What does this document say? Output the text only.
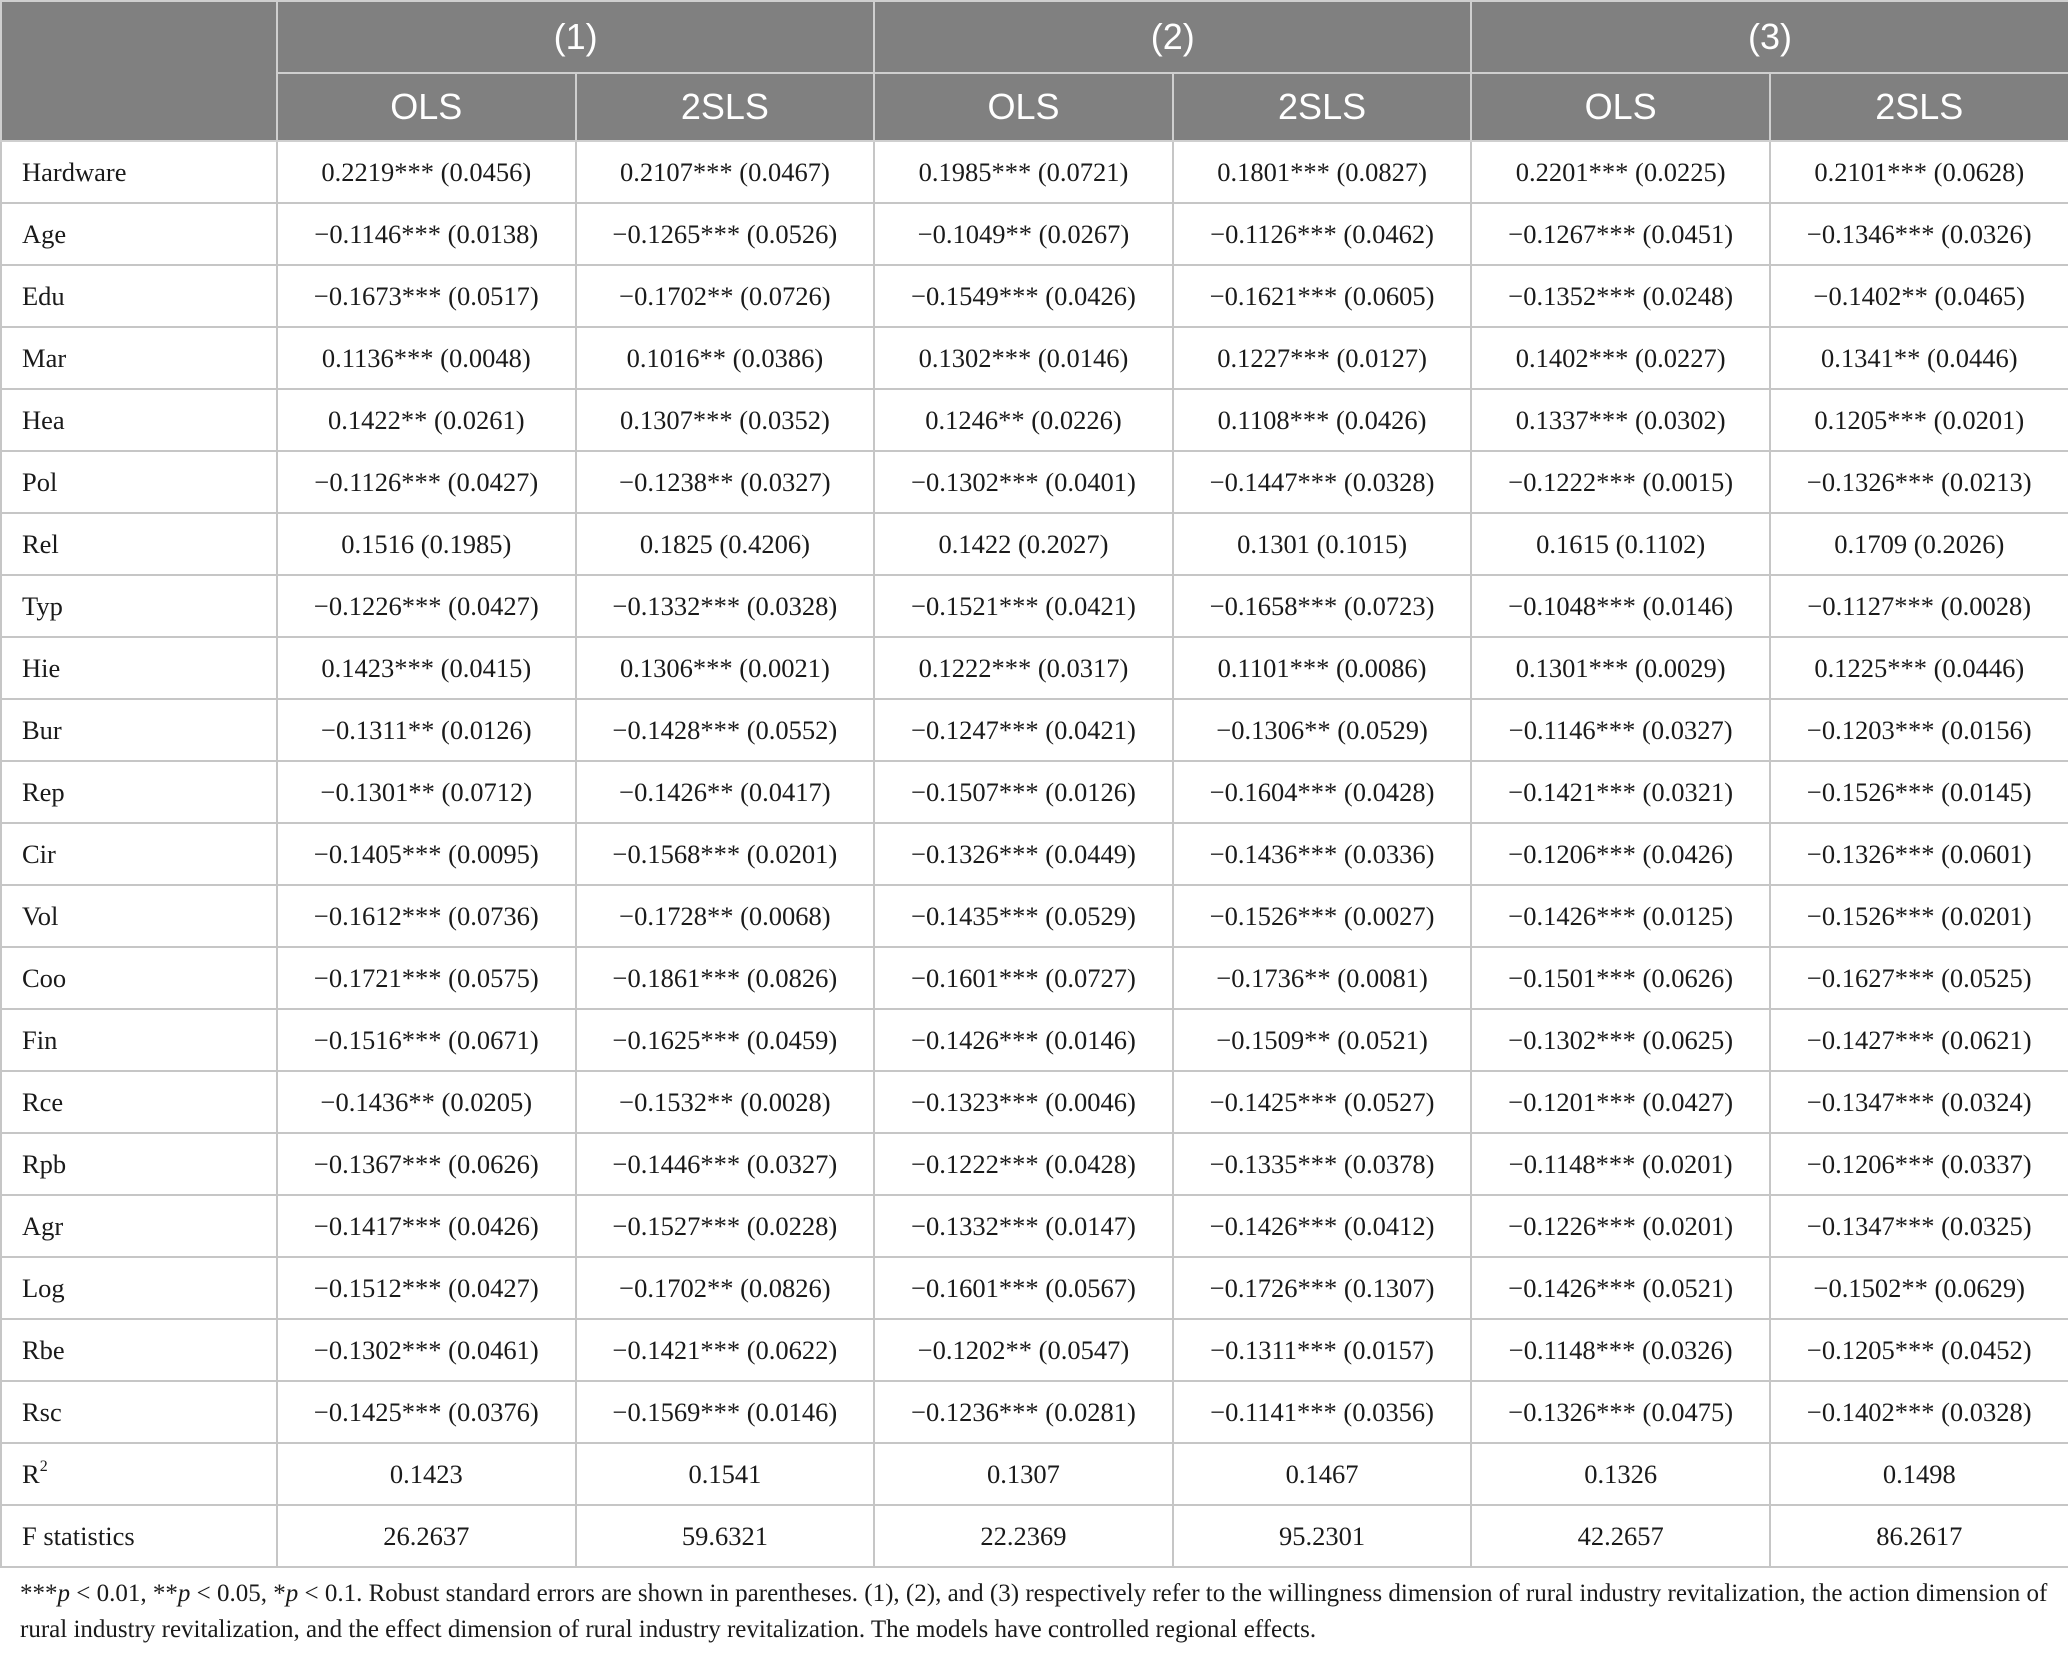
	(1)		(2)		(3)	
	OLS	2SLS	OLS	2SLS	OLS	2SLS
Hardware	0.2219*** (0.0456)	0.2107*** (0.0467)	0.1985*** (0.0721)	0.1801*** (0.0827)	0.2201*** (0.0225)	0.2101*** (0.0628)
Age	−0.1146*** (0.0138)	−0.1265*** (0.0526)	−0.1049** (0.0267)	−0.1126*** (0.0462)	−0.1267*** (0.0451)	−0.1346*** (0.0326)
Edu	−0.1673*** (0.0517)	−0.1702** (0.0726)	−0.1549*** (0.0426)	−0.1621*** (0.0605)	−0.1352*** (0.0248)	−0.1402** (0.0465)
Mar	0.1136*** (0.0048)	0.1016** (0.0386)	0.1302*** (0.0146)	0.1227*** (0.0127)	0.1402*** (0.0227)	0.1341** (0.0446)
Hea	0.1422** (0.0261)	0.1307*** (0.0352)	0.1246** (0.0226)	0.1108*** (0.0426)	0.1337*** (0.0302)	0.1205*** (0.0201)
Pol	−0.1126*** (0.0427)	−0.1238** (0.0327)	−0.1302*** (0.0401)	−0.1447*** (0.0328)	−0.1222*** (0.0015)	−0.1326*** (0.0213)
Rel	0.1516 (0.1985)	0.1825 (0.4206)	0.1422 (0.2027)	0.1301 (0.1015)	0.1615 (0.1102)	0.1709 (0.2026)
Typ	−0.1226*** (0.0427)	−0.1332*** (0.0328)	−0.1521*** (0.0421)	−0.1658*** (0.0723)	−0.1048*** (0.0146)	−0.1127*** (0.0028)
Hie	0.1423*** (0.0415)	0.1306*** (0.0021)	0.1222*** (0.0317)	0.1101*** (0.0086)	0.1301*** (0.0029)	0.1225*** (0.0446)
Bur	−0.1311** (0.0126)	−0.1428*** (0.0552)	−0.1247*** (0.0421)	−0.1306** (0.0529)	−0.1146*** (0.0327)	−0.1203*** (0.0156)
Rep	−0.1301** (0.0712)	−0.1426** (0.0417)	−0.1507*** (0.0126)	−0.1604*** (0.0428)	−0.1421*** (0.0321)	−0.1526*** (0.0145)
Cir	−0.1405*** (0.0095)	−0.1568*** (0.0201)	−0.1326*** (0.0449)	−0.1436*** (0.0336)	−0.1206*** (0.0426)	−0.1326*** (0.0601)
Vol	−0.1612*** (0.0736)	−0.1728** (0.0068)	−0.1435*** (0.0529)	−0.1526*** (0.0027)	−0.1426*** (0.0125)	−0.1526*** (0.0201)
Coo	−0.1721*** (0.0575)	−0.1861*** (0.0826)	−0.1601*** (0.0727)	−0.1736** (0.0081)	−0.1501*** (0.0626)	−0.1627*** (0.0525)
Fin	−0.1516*** (0.0671)	−0.1625*** (0.0459)	−0.1426*** (0.0146)	−0.1509** (0.0521)	−0.1302*** (0.0625)	−0.1427*** (0.0621)
Rce	−0.1436** (0.0205)	−0.1532** (0.0028)	−0.1323*** (0.0046)	−0.1425*** (0.0527)	−0.1201*** (0.0427)	−0.1347*** (0.0324)
Rpb	−0.1367*** (0.0626)	−0.1446*** (0.0327)	−0.1222*** (0.0428)	−0.1335*** (0.0378)	−0.1148*** (0.0201)	−0.1206*** (0.0337)
Agr	−0.1417*** (0.0426)	−0.1527*** (0.0228)	−0.1332*** (0.0147)	−0.1426*** (0.0412)	−0.1226*** (0.0201)	−0.1347*** (0.0325)
Log	−0.1512*** (0.0427)	−0.1702** (0.0826)	−0.1601*** (0.0567)	−0.1726*** (0.1307)	−0.1426*** (0.0521)	−0.1502** (0.0629)
Rbe	−0.1302*** (0.0461)	−0.1421*** (0.0622)	−0.1202** (0.0547)	−0.1311*** (0.0157)	−0.1148*** (0.0326)	−0.1205*** (0.0452)
Rsc	−0.1425*** (0.0376)	−0.1569*** (0.0146)	−0.1236*** (0.0281)	−0.1141*** (0.0356)	−0.1326*** (0.0475)	−0.1402*** (0.0328)
$R^2$	0.1423	0.1541	0.1307	0.1467	0.1326	0.1498
F statistics	26.2637	59.6321	22.2369	95.2301	42.2657	86.2617
***p < 0.01, **p < 0.05, *p < 0.1. Robust standard errors are shown in parentheses. (1), (2), and (3) respectively refer to the willingness dimension of rural industry revitalization, the action dimension of rural industry revitalization, and the effect dimension of rural industry revitalization. The models have controlled regional effects.
